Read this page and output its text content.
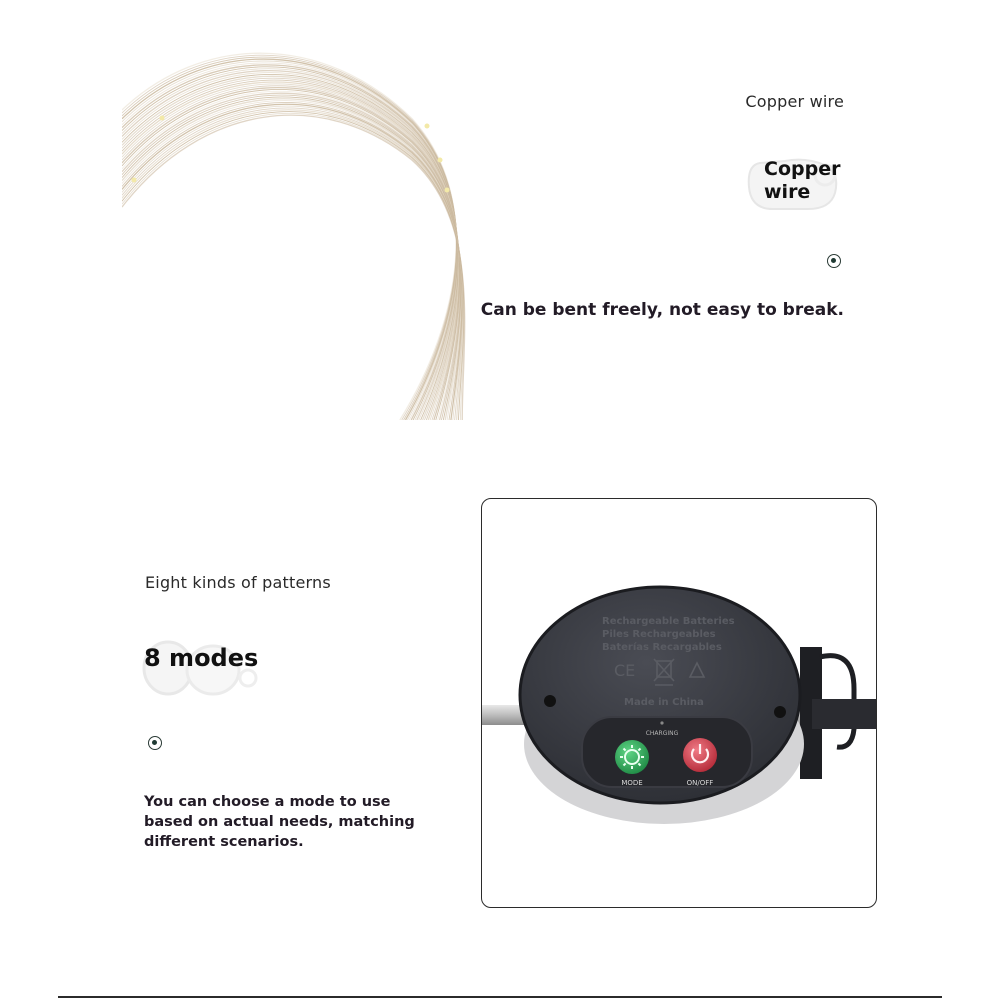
Copper wire
Copper
wire
Can be bent freely, not easy to break.
Eight kinds of patterns
8 modes
You can choose a mode to use based on actual needs, matching different scenarios.
Rechargeable Batteries
Piles Rechargeables
Baterías Recargables
CE
Made in China
CHARGING
MODE	ON/OFF
